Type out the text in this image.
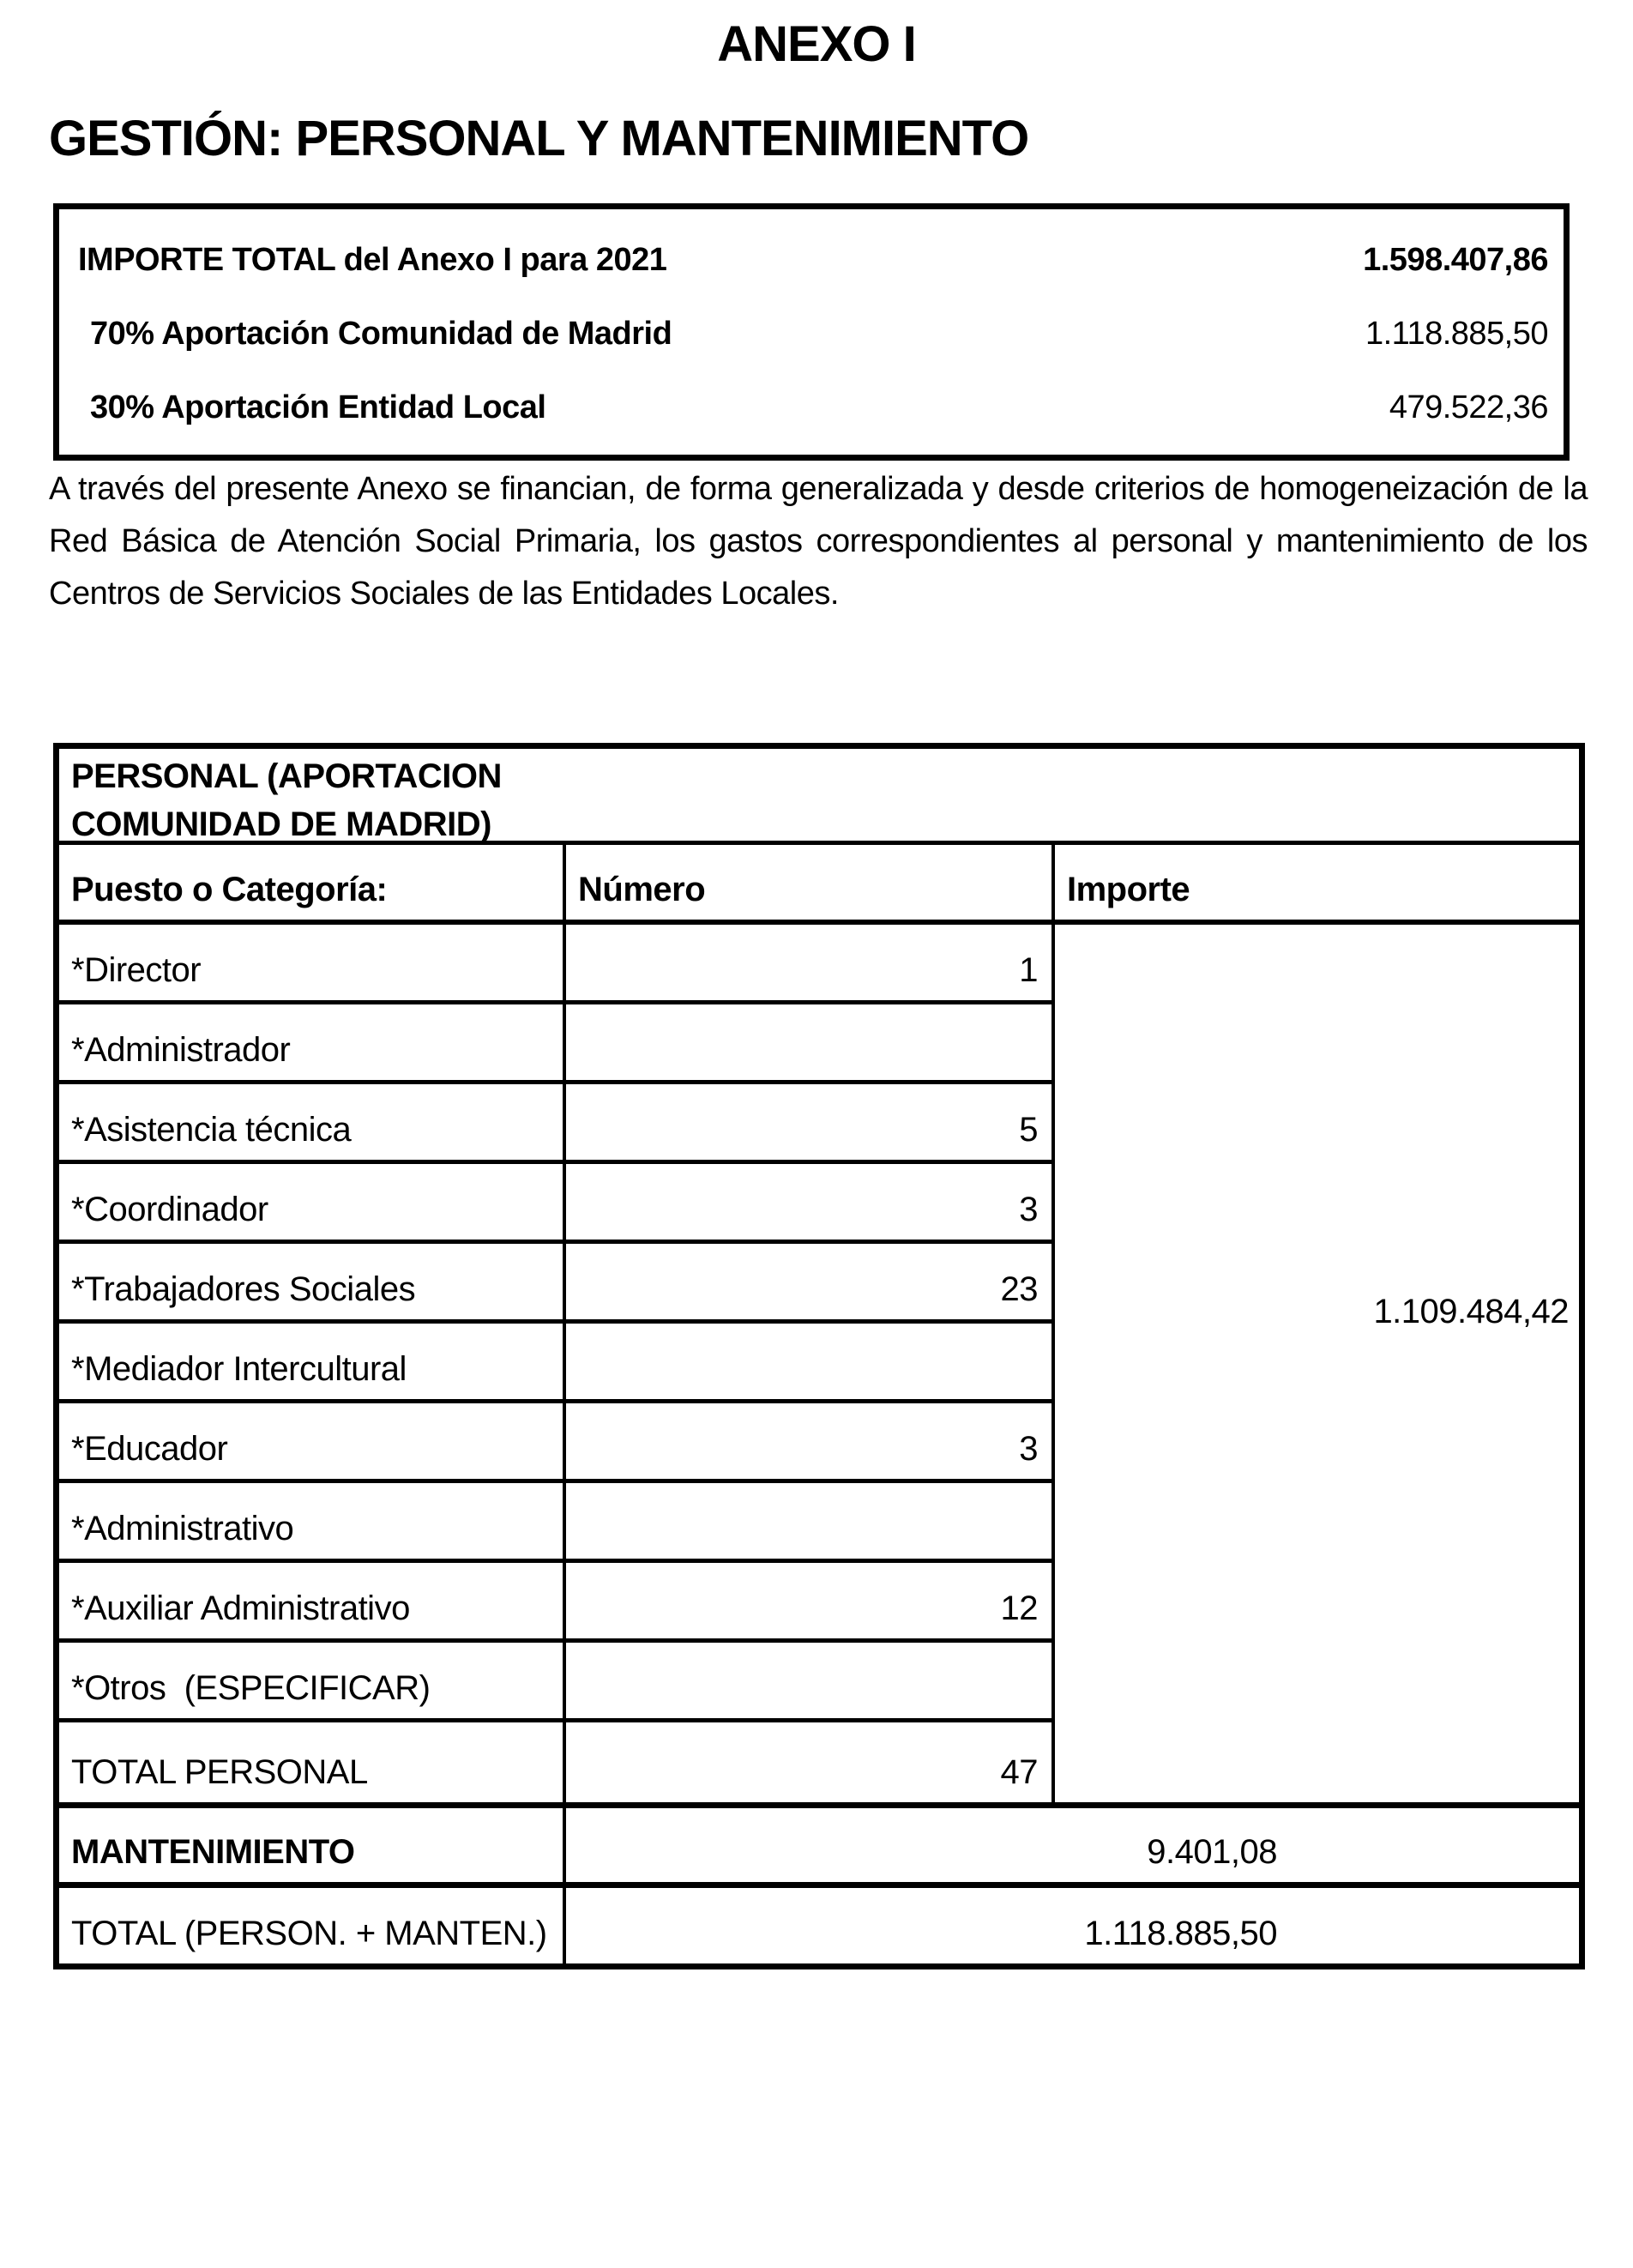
ANEXO I
GESTIÓN: PERSONAL Y MANTENIMIENTO
IMPORTE TOTAL del Anexo I para 2021	1.598.407,86
70% Aportación Comunidad de Madrid	1.118.885,50
30% Aportación Entidad Local	479.522,36
A través del presente Anexo se financian, de forma generalizada y desde criterios de homogeneización de la Red Básica de Atención Social Primaria, los gastos correspondientes al personal y mantenimiento de los Centros de Servicios Sociales de las Entidades Locales.
PERSONAL (APORTACION COMUNIDAD DE MADRID)
Puesto o Categoría:	Número	Importe
*Director	1
*Administrador
*Asistencia técnica	5
*Coordinador	3
*Trabajadores Sociales	23
*Mediador Intercultural
*Educador	3
*Administrativo
*Auxiliar Administrativo	12
*Otros  (ESPECIFICAR)
TOTAL PERSONAL	47
1.109.484,42
MANTENIMIENTO	9.401,08
TOTAL (PERSON. + MANTEN.)	1.118.885,50
